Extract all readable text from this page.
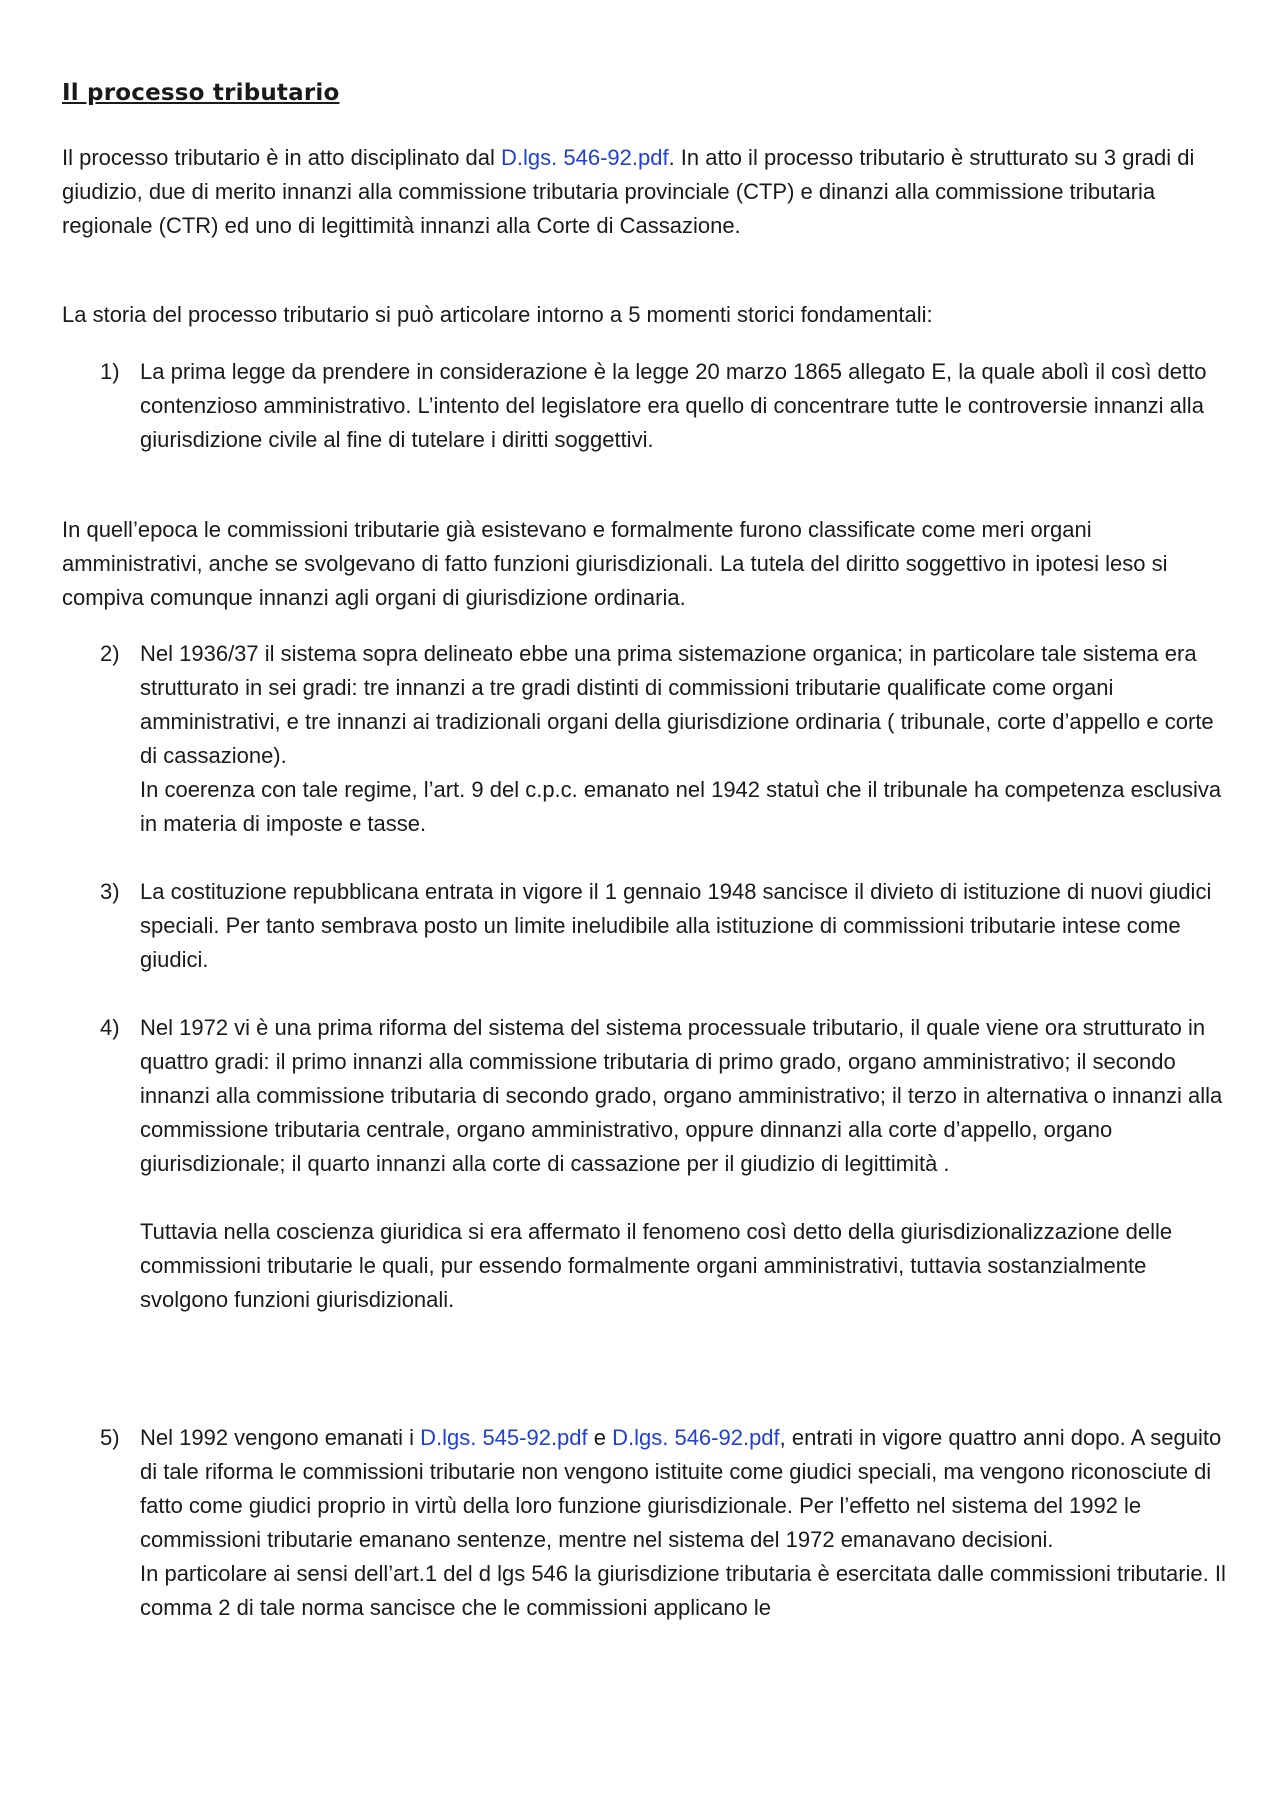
Il processo tributario

Il processo tributario è in atto disciplinato dal D.lgs. 546-92.pdf. In atto il processo tributario è strutturato su 3 gradi di giudizio, due di merito innanzi alla commissione tributaria provinciale (CTP) e dinanzi alla commissione tributaria regionale (CTR) ed uno di legittimità innanzi alla Corte di Cassazione.

La storia del processo tributario si può articolare intorno a 5 momenti storici fondamentali:

1) La prima legge da prendere in considerazione è la legge 20 marzo 1865 allegato E, la quale abolì il così detto contenzioso amministrativo. L’intento del legislatore era quello di concentrare tutte le controversie innanzi alla giurisdizione civile al fine di tutelare i diritti soggettivi.

In quell’epoca le commissioni tributarie già esistevano e formalmente furono classificate come meri organi amministrativi, anche se svolgevano di fatto funzioni giurisdizionali. La tutela del diritto soggettivo in ipotesi leso si compiva comunque innanzi agli organi di giurisdizione ordinaria.

2) Nel 1936/37 il sistema sopra delineato ebbe una prima sistemazione organica; in particolare tale sistema era strutturato in sei gradi: tre innanzi a tre gradi distinti di commissioni tributarie qualificate come organi amministrativi, e tre innanzi ai tradizionali organi della giurisdizione ordinaria ( tribunale, corte d’appello e corte di cassazione).
In coerenza con tale regime, l’art. 9 del c.p.c. emanato nel 1942 statuì che il tribunale ha competenza esclusiva in materia di imposte e tasse.
3) La costituzione repubblicana entrata in vigore il 1 gennaio 1948 sancisce il divieto di istituzione di nuovi giudici speciali. Per tanto sembrava posto un limite ineludibile alla istituzione di commissioni tributarie intese come giudici.
4) Nel 1972 vi è una prima riforma del sistema del sistema processuale tributario, il quale viene ora strutturato in quattro gradi: il primo innanzi alla commissione tributaria di primo grado, organo amministrativo; il secondo innanzi alla commissione tributaria di secondo grado, organo amministrativo; il terzo in alternativa o innanzi alla commissione tributaria centrale, organo amministrativo, oppure dinnanzi alla corte d’appello, organo giurisdizionale; il quarto innanzi alla corte di cassazione per il giudizio di legittimità .
Tuttavia nella coscienza giuridica si era affermato il fenomeno così detto della giurisdizionalizzazione delle commissioni tributarie le quali, pur essendo formalmente organi amministrativi, tuttavia sostanzialmente svolgono funzioni giurisdizionali.
5) Nel 1992 vengono emanati i D.lgs. 545-92.pdf e D.lgs. 546-92.pdf, entrati in vigore quattro anni dopo. A seguito di tale riforma le commissioni tributarie non vengono istituite come giudici speciali, ma vengono riconosciute di fatto come giudici proprio in virtù della loro funzione giurisdizionale. Per l’effetto nel sistema del 1992 le commissioni tributarie emanano sentenze, mentre nel sistema del 1972 emanavano decisioni.
In particolare ai sensi dell’art.1 del d lgs 546 la giurisdizione tributaria è esercitata dalle commissioni tributarie. Il comma 2 di tale norma sancisce che le commissioni applicano le
